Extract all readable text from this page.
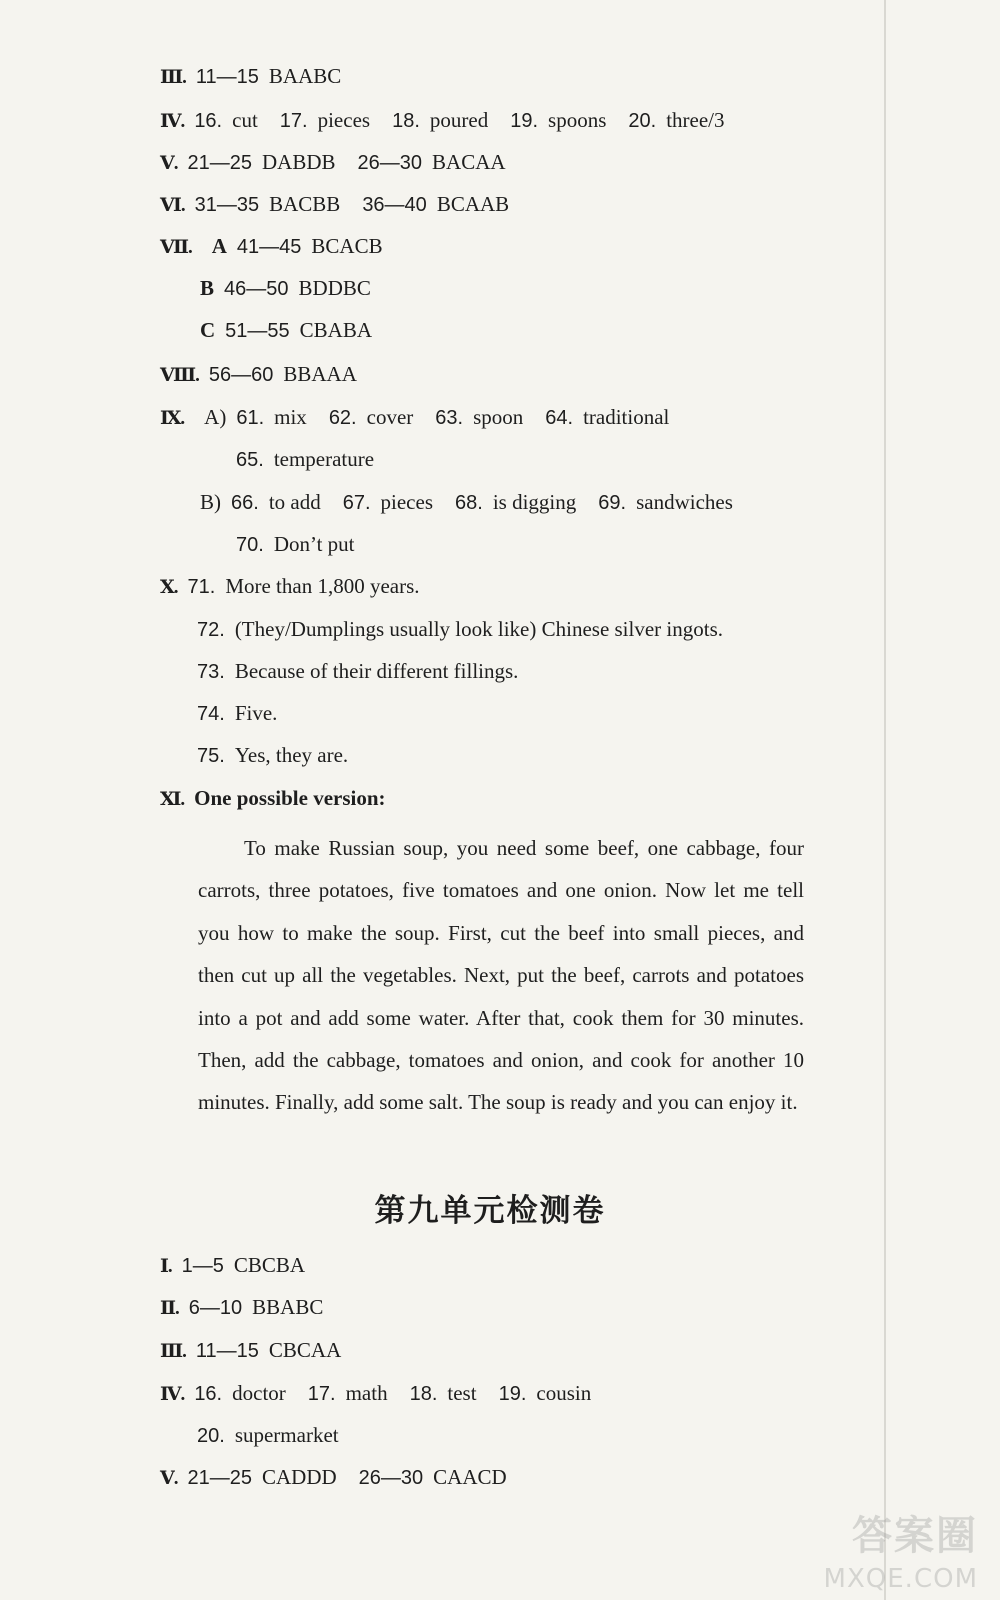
Ⅲ. 11—15 BAABC
Ⅳ. 16. cut 17. pieces 18. poured 19. spoons 20. three/3
Ⅴ. 21—25 DABDB 26—30 BACAA
Ⅵ. 31—35 BACBB 36—40 BCAAB
Ⅶ. A 41—45 BCACB
B 46—50 BDDBC
C 51—55 CBABA
Ⅷ. 56—60 BBAAA
Ⅸ. A) 61. mix 62. cover 63. spoon 64. traditional
65. temperature
B) 66. to add 67. pieces 68. is digging 69. sandwiches
70. Don’t put
Ⅹ. 71. More than 1,800 years.
72. (They/Dumplings usually look like) Chinese silver ingots.
73. Because of their different fillings.
74. Five.
75. Yes, they are.
Ⅺ. One possible version:
Ⅰ. 1—5 CBCBA
Ⅱ. 6—10 BBABC
Ⅲ. 11—15 CBCAA
Ⅳ. 16. doctor 17. math 18. test 19. cousin
20. supermarket
Ⅴ. 21—25 CADDD 26—30 CAACD
To make Russian soup, you need some beef, one cabbage, four carrots, three potatoes, five tomatoes and one onion. Now let me tell you how to make the soup. First, cut the beef into small pieces, and then cut up all the vegetables. Next, put the beef, carrots and potatoes into a pot and add some water. After that, cook them for 30 minutes. Then, add the cabbage, tomatoes and onion, and cook for another 10 minutes. Finally, add some salt. The soup is ready and you can enjoy it.
第九单元检测卷
答案圈
MXQE.COM
